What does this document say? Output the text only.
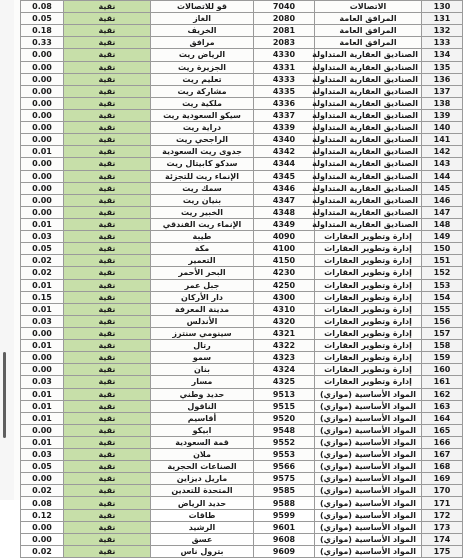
0.08	نقية	قو للاتصالات	7040	الاتصالات	130
0.05	نقية	الغاز	2080	المرافق العامة	131
0.18	نقية	الخريف	2081	المرافق العامة	132
0.33	نقية	مرافق	2083	المرافق العامة	133
0.00	نقية	الرياض ريت	4330	الصناديق العقارية المتداولة	134
0.00	نقية	الجزيرة ريت	4331	الصناديق العقارية المتداولة	135
0.00	نقية	تعليم ريت	4333	الصناديق العقارية المتداولة	136
0.00	نقية	مشاركة ريت	4335	الصناديق العقارية المتداولة	137
0.00	نقية	ملكية ريت	4336	الصناديق العقارية المتداولة	138
0.00	نقية	سيكو السعودية ريت	4337	الصناديق العقارية المتداولة	139
0.00	نقية	دراية ريت	4339	الصناديق العقارية المتداولة	140
0.00	نقية	الراجحي ريت	4340	الصناديق العقارية المتداولة	141
0.01	نقية	جدوى ريت السعودية	4342	الصناديق العقارية المتداولة	142
0.00	نقية	سدكو كابيتال ريت	4344	الصناديق العقارية المتداولة	143
0.00	نقية	الإنماء ريت للتجزئة	4345	الصناديق العقارية المتداولة	144
0.00	نقية	سمك ريت	4346	الصناديق العقارية المتداولة	145
0.00	نقية	بنيان ريت	4347	الصناديق العقارية المتداولة	146
0.00	نقية	الخبير ريت	4348	الصناديق العقارية المتداولة	147
0.01	نقية	الإنماء ريت الفندقي	4349	الصناديق العقارية المتداولة	148
0.03	نقية	طيبة	4090	إدارة وتطوير العقارات	149
0.05	نقية	مكة	4100	إدارة وتطوير العقارات	150
0.02	نقية	التعمير	4150	إدارة وتطوير العقارات	151
0.02	نقية	البحر الأحمر	4230	إدارة وتطوير العقارات	152
0.01	نقية	جبل عمر	4250	إدارة وتطوير العقارات	153
0.15	نقية	دار الأركان	4300	إدارة وتطوير العقارات	154
0.01	نقية	مدينة المعرفة	4310	إدارة وتطوير العقارات	155
0.03	نقية	الأندلس	4320	إدارة وتطوير العقارات	156
0.00	نقية	سينومي سنترز	4321	إدارة وتطوير العقارات	157
0.01	نقية	رتال	4322	إدارة وتطوير العقارات	158
0.00	نقية	سمو	4323	إدارة وتطوير العقارات	159
0.00	نقية	بنان	4324	إدارة وتطوير العقارات	160
0.03	نقية	مسار	4325	إدارة وتطوير العقارات	161
0.01	نقية	حديد وطني	9513	المواد الأساسية (موازي)	162
0.01	نقية	الناقول	9515	المواد الأساسية (موازي)	163
0.01	نقية	أقاسيم	9520	المواد الأساسية (موازي)	164
0.00	نقية	ابيكو	9548	المواد الأساسية (موازي)	165
0.01	نقية	قمة السعودية	9552	المواد الأساسية (موازي)	166
0.03	نقية	ملان	9553	المواد الأساسية (موازي)	167
0.05	نقية	الصناعات الحجرية	9566	المواد الأساسية (موازي)	168
0.00	نقية	ماريل ديزاين	9575	المواد الأساسية (موازي)	169
0.02	نقية	المتحدة للتعدين	9585	المواد الأساسية (موازي)	170
0.08	نقية	حديد الرياض	9588	المواد الأساسية (موازي)	171
0.12	نقية	طاقات	9599	المواد الأساسية (موازي)	172
0.00	نقية	الرشيد	9601	المواد الأساسية (موازي)	173
0.00	نقية	عسق	9608	المواد الأساسية (موازي)	174
0.02	نقية	بترول ناس	9609	المواد الأساسية (موازي)	175
